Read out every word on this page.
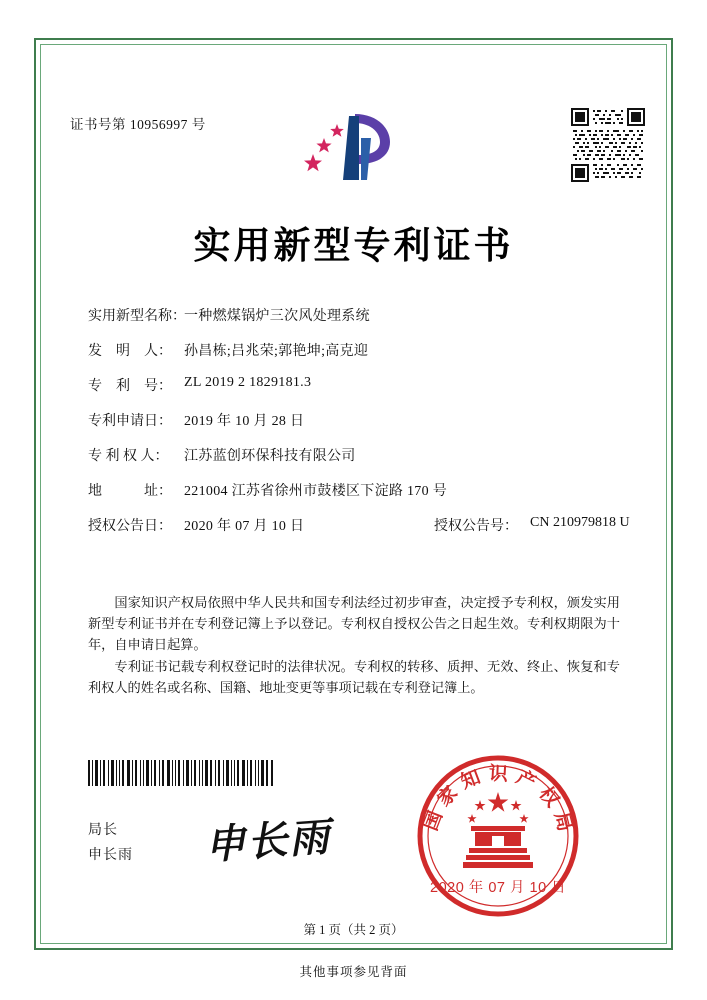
证书号第 10956997 号
实用新型专利证书
实用新型名称：
一种燃煤锅炉三次风处理系统
发　明　人： 孙昌栋;吕兆荣;郭艳坤;高克迎
专　利　号： ZL 2019 2 1829181.3
专利申请日： 2019 年 10 月 28 日
专 利 权 人：	江苏蓝创环保科技有限公司
地　　　址： 221004 江苏省徐州市鼓楼区下淀路 170 号
授权公告日： 2020 年 07 月 10 日	授权公告号： CN 210979818 U

国家知识产权局依照中华人民共和国专利法经过初步审查，决定授予专利权，颁发实用新型专利证书并在专利登记簿上予以登记。专利权自授权公告之日起生效。专利权期限为十年，自申请日起算。

专利证书记载专利权登记时的法律状况。专利权的转移、质押、无效、终止、恢复和专利权人的姓名或名称、国籍、地址变更等事项记载在专利登记簿上。

局长
申长雨 申长雨	国家知识产权局
2020 年 07 月 10 日
第 1 页（共 2 页）
其他事项参见背面
